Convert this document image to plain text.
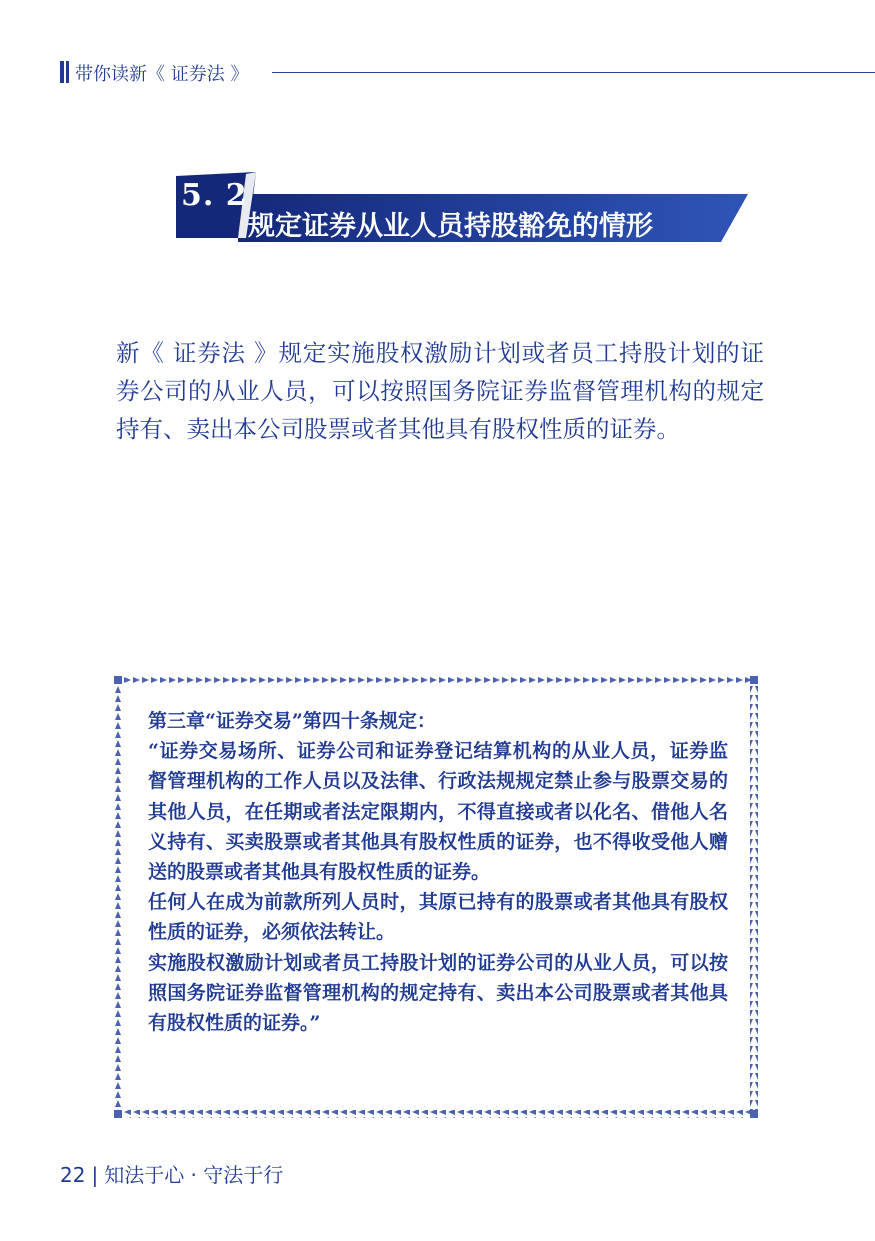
带你读新《 证券法 》
5. 2
规定证券从业人员持股豁免的情形
新《 证券法 》规定实施股权激励计划或者员工持股计划的证券公司的从业人员，可以按照国务院证券监督管理机构的规定持有、卖出本公司股票或者其他具有股权性质的证券。

第三章“证券交易”第四十条规定：

“证券交易场所、证券公司和证券登记结算机构的从业人员，证券监督管理机构的工作人员以及法律、行政法规规定禁止参与股票交易的其他人员，在任期或者法定限期内，不得直接或者以化名、借他人名义持有、买卖股票或者其他具有股权性质的证券，也不得收受他人赠送的股票或者其他具有股权性质的证券。

任何人在成为前款所列人员时，其原已持有的股票或者其他具有股权性质的证券，必须依法转让。

实施股权激励计划或者员工持股计划的证券公司的从业人员，可以按照国务院证券监督管理机构的规定持有、卖出本公司股票或者其他具有股权性质的证券。”

22 | 知法于心 · 守法于行
